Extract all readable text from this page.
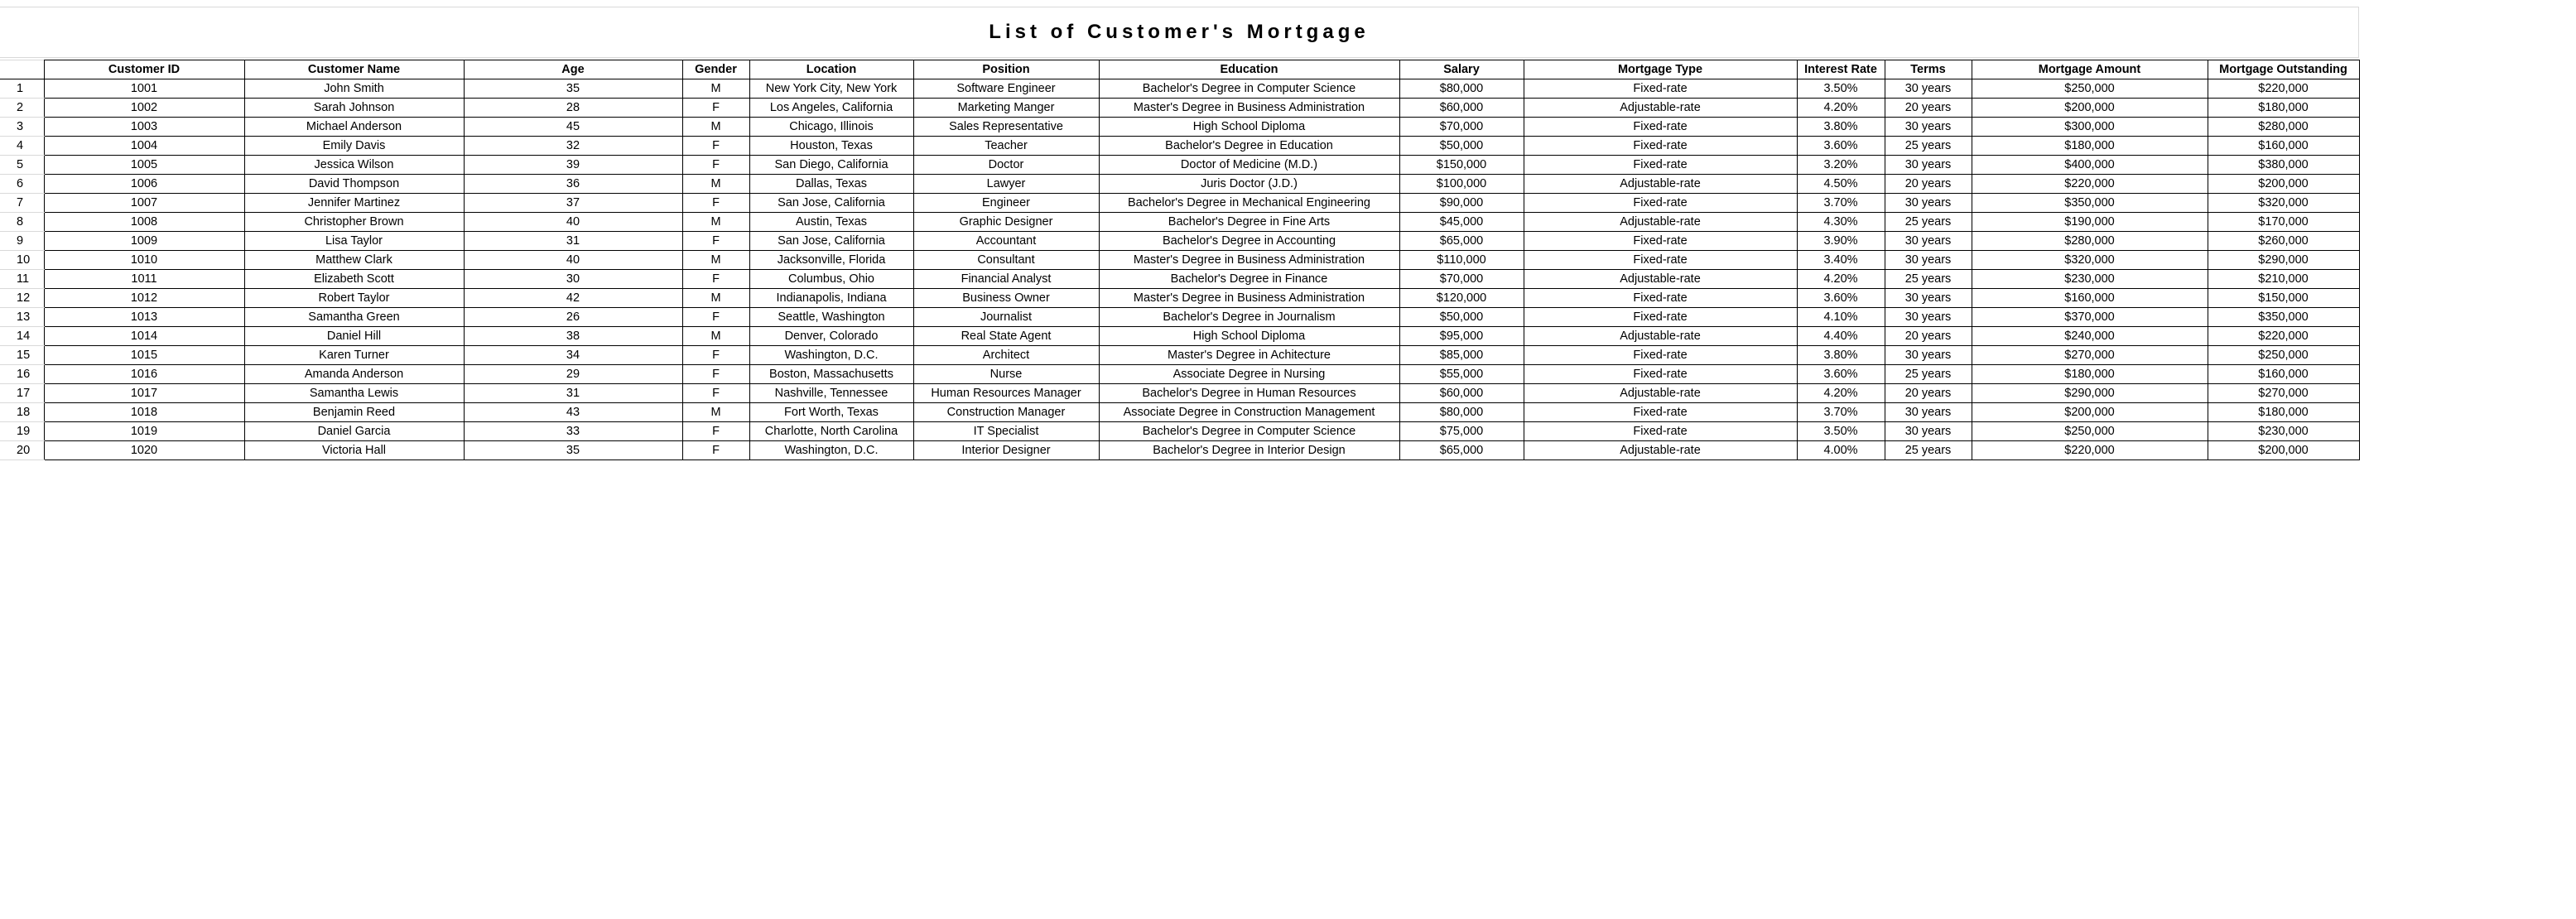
List of Customer's Mortgage
	Customer ID	Customer Name	Age	Gender	Location	Position	Education	Salary	Mortgage Type	Interest Rate	Terms	Mortgage Amount	Mortgage Outstanding
1	1001	John Smith	35	M	New York City, New York	Software Engineer	Bachelor's Degree in Computer Science	$80,000	Fixed-rate	3.50%	30 years	$250,000	$220,000
2	1002	Sarah Johnson	28	F	Los Angeles, California	Marketing Manger	Master's Degree in Business Administration	$60,000	Adjustable-rate	4.20%	20 years	$200,000	$180,000
3	1003	Michael Anderson	45	M	Chicago, Illinois	Sales Representative	High School Diploma	$70,000	Fixed-rate	3.80%	30 years	$300,000	$280,000
4	1004	Emily Davis	32	F	Houston, Texas	Teacher	Bachelor's Degree in Education	$50,000	Fixed-rate	3.60%	25 years	$180,000	$160,000
5	1005	Jessica Wilson	39	F	San Diego, California	Doctor	Doctor of Medicine (M.D.)	$150,000	Fixed-rate	3.20%	30 years	$400,000	$380,000
6	1006	David Thompson	36	M	Dallas, Texas	Lawyer	Juris Doctor (J.D.)	$100,000	Adjustable-rate	4.50%	20 years	$220,000	$200,000
7	1007	Jennifer Martinez	37	F	San Jose, California	Engineer	Bachelor's Degree in Mechanical Engineering	$90,000	Fixed-rate	3.70%	30 years	$350,000	$320,000
8	1008	Christopher Brown	40	M	Austin, Texas	Graphic Designer	Bachelor's Degree in Fine Arts	$45,000	Adjustable-rate	4.30%	25 years	$190,000	$170,000
9	1009	Lisa Taylor	31	F	San Jose, California	Accountant	Bachelor's Degree in Accounting	$65,000	Fixed-rate	3.90%	30 years	$280,000	$260,000
10	1010	Matthew Clark	40	M	Jacksonville, Florida	Consultant	Master's Degree in Business Administration	$110,000	Fixed-rate	3.40%	30 years	$320,000	$290,000
11	1011	Elizabeth Scott	30	F	Columbus, Ohio	Financial Analyst	Bachelor's Degree in Finance	$70,000	Adjustable-rate	4.20%	25 years	$230,000	$210,000
12	1012	Robert Taylor	42	M	Indianapolis, Indiana	Business Owner	Master's Degree in Business Administration	$120,000	Fixed-rate	3.60%	30 years	$160,000	$150,000
13	1013	Samantha Green	26	F	Seattle, Washington	Journalist	Bachelor's Degree in Journalism	$50,000	Fixed-rate	4.10%	30 years	$370,000	$350,000
14	1014	Daniel Hill	38	M	Denver, Colorado	Real State Agent	High School Diploma	$95,000	Adjustable-rate	4.40%	20 years	$240,000	$220,000
15	1015	Karen Turner	34	F	Washington, D.C.	Architect	Master's Degree in Achitecture	$85,000	Fixed-rate	3.80%	30 years	$270,000	$250,000
16	1016	Amanda Anderson	29	F	Boston, Massachusetts	Nurse	Associate Degree in Nursing	$55,000	Fixed-rate	3.60%	25 years	$180,000	$160,000
17	1017	Samantha Lewis	31	F	Nashville, Tennessee	Human Resources Manager	Bachelor's Degree in Human Resources	$60,000	Adjustable-rate	4.20%	20 years	$290,000	$270,000
18	1018	Benjamin Reed	43	M	Fort Worth, Texas	Construction Manager	Associate Degree in Construction Management	$80,000	Fixed-rate	3.70%	30 years	$200,000	$180,000
19	1019	Daniel Garcia	33	F	Charlotte, North Carolina	IT Specialist	Bachelor's Degree in Computer Science	$75,000	Fixed-rate	3.50%	30 years	$250,000	$230,000
20	1020	Victoria Hall	35	F	Washington, D.C.	Interior Designer	Bachelor's Degree in Interior Design	$65,000	Adjustable-rate	4.00%	25 years	$220,000	$200,000
